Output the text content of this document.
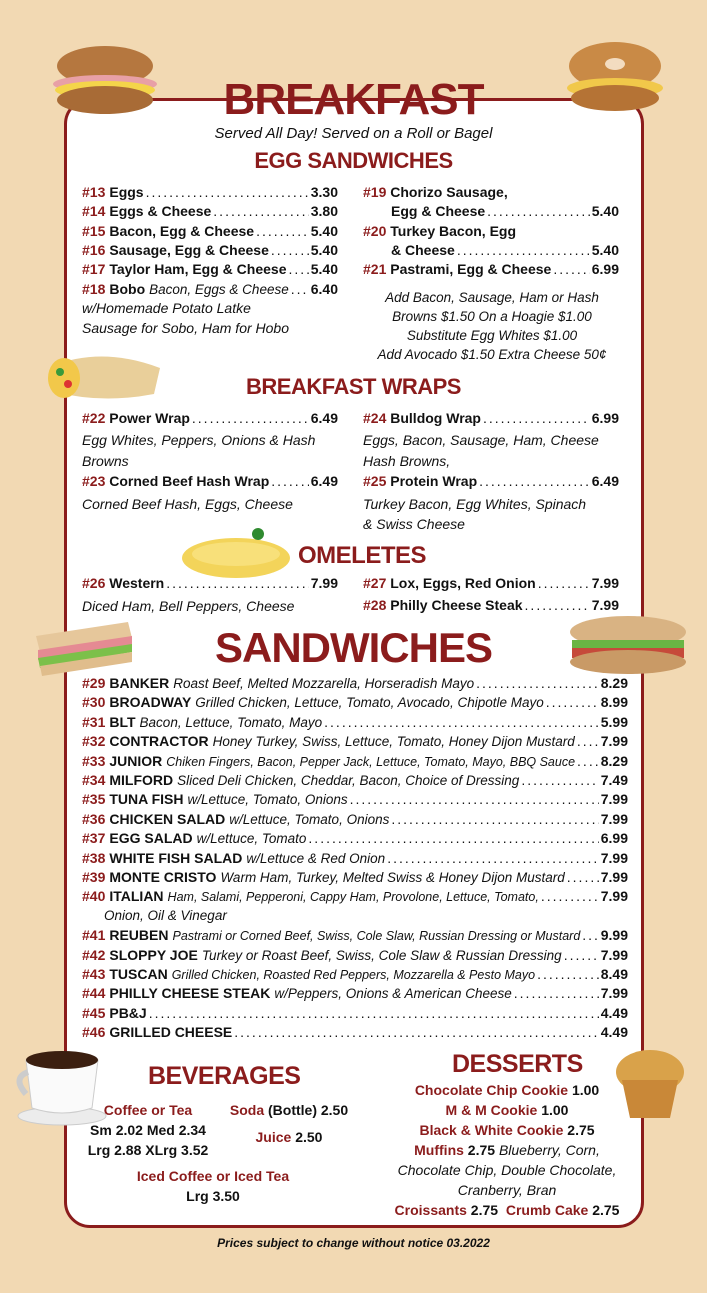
BREAKFAST
Served All Day! Served on a Roll or Bagel
EGG SANDWICHES
#13 Eggs .....	3.30
#14 Eggs & Cheese .....	3.80
#15 Bacon, Egg & Cheese .....	5.40
#16 Sausage, Egg & Cheese .....	5.40
#17 Taylor Ham, Egg & Cheese ..... 5.40
#18 Bobo Bacon, Eggs & Cheese ..... 6.40
w/Homemade Potato Latke
Sausage for Sobo, Ham for Hobo
#19
Chorizo Sausage,
Egg & Cheese .....	5.40
#20
Turkey Bacon, Egg
& Cheese .....	5.40
#21
Pastrami, Egg & Cheese .....	6.99
Add Bacon, Sausage, Ham or Hash
Browns $1.50 On a Hoagie $1.00
Substitute Egg Whites $1.00
Add Avocado $1.50 Extra Cheese 50¢
BREAKFAST WRAPS
#22
Power Wrap .....	6.49
Egg Whites, Peppers, Onions & Hash
Browns
#23
Corned Beef Hash Wrap .....	6.49
Corned Beef Hash, Eggs, Cheese
#24
Bulldog Wrap .....	6.99
Eggs, Bacon, Sausage, Ham, Cheese
Hash Browns,
#25
Protein Wrap .....	6.49
Turkey Bacon, Egg Whites, Spinach
& Swiss Cheese
OMELETES
#26
Western .....	7.99
Diced Ham, Bell Peppers, Cheese
#27
Lox, Eggs, Red Onion .....	7.99
#28
Philly Cheese Steak .....	7.99
SANDWICHES
#29 BANKER Roast Beef, Melted Mozzarella, Horseradish Mayo .....	8.29
#30 BROADWAY Grilled Chicken, Lettuce, Tomato, Avocado, Chipotle Mayo .....	8.99
#31 BLT Bacon, Lettuce, Tomato, Mayo .....	5.99
#32 CONTRACTOR Honey Turkey, Swiss, Lettuce, Tomato, Honey Dijon Mustard ..... 7.99
#33 JUNIOR Chiken Fingers, Bacon, Pepper Jack, Lettuce, Tomato, Mayo, BBQ Sauce ..... 8.29
#34 MILFORD Sliced Deli Chicken, Cheddar, Bacon, Choice of Dressing .....	7.49
#35 TUNA FISH w/Lettuce, Tomato, Onions .....	7.99
#36 CHICKEN SALAD w/Lettuce, Tomato, Onions .....	7.99
#37 EGG SALAD w/Lettuce, Tomato .....	6.99
#38 WHITE FISH SALAD w/Lettuce & Red Onion .....	7.99
#39 MONTE CRISTO Warm Ham, Turkey, Melted Swiss & Honey Dijon Mustard .....	7.99
#40 ITALIAN Ham, Salami, Pepperoni, Cappy Ham, Provolone, Lettuce, Tomato, .....	7.99
#41 REUBEN Pastrami or Corned Beef, Swiss, Cole Slaw, Russian Dressing or Mustard ..... 9.99
#42 SLOPPY JOE Turkey or Roast Beef, Swiss, Cole Slaw & Russian Dressing .....	7.99
#43 TUSCAN Grilled Chicken, Roasted Red Peppers, Mozzarella & Pesto Mayo .....	8.49
#44 PHILLY CHEESE STEAK w/Peppers, Onions & American Cheese .....	7.99
#45 PB&J .....	4.49
#46 GRILLED CHEESE .....	4.49
Onion, Oil & Vinegar
BEVERAGES
Coffee or Tea
Sm 2.02 Med 2.34
Lrg 2.88 XLrg 3.52
Soda (Bottle) 2.50
Juice 2.50
Iced Coffee or Iced Tea
Lrg 3.50
DESSERTS
Chocolate Chip Cookie 1.00
M & M Cookie 1.00
Black & White Cookie 2.75
Muffins 2.75 Blueberry, Corn,
Chocolate Chip, Double Chocolate,
Cranberry, Bran
Croissants 2.75 Crumb Cake 2.75
Prices subject to change without notice 03.2022
